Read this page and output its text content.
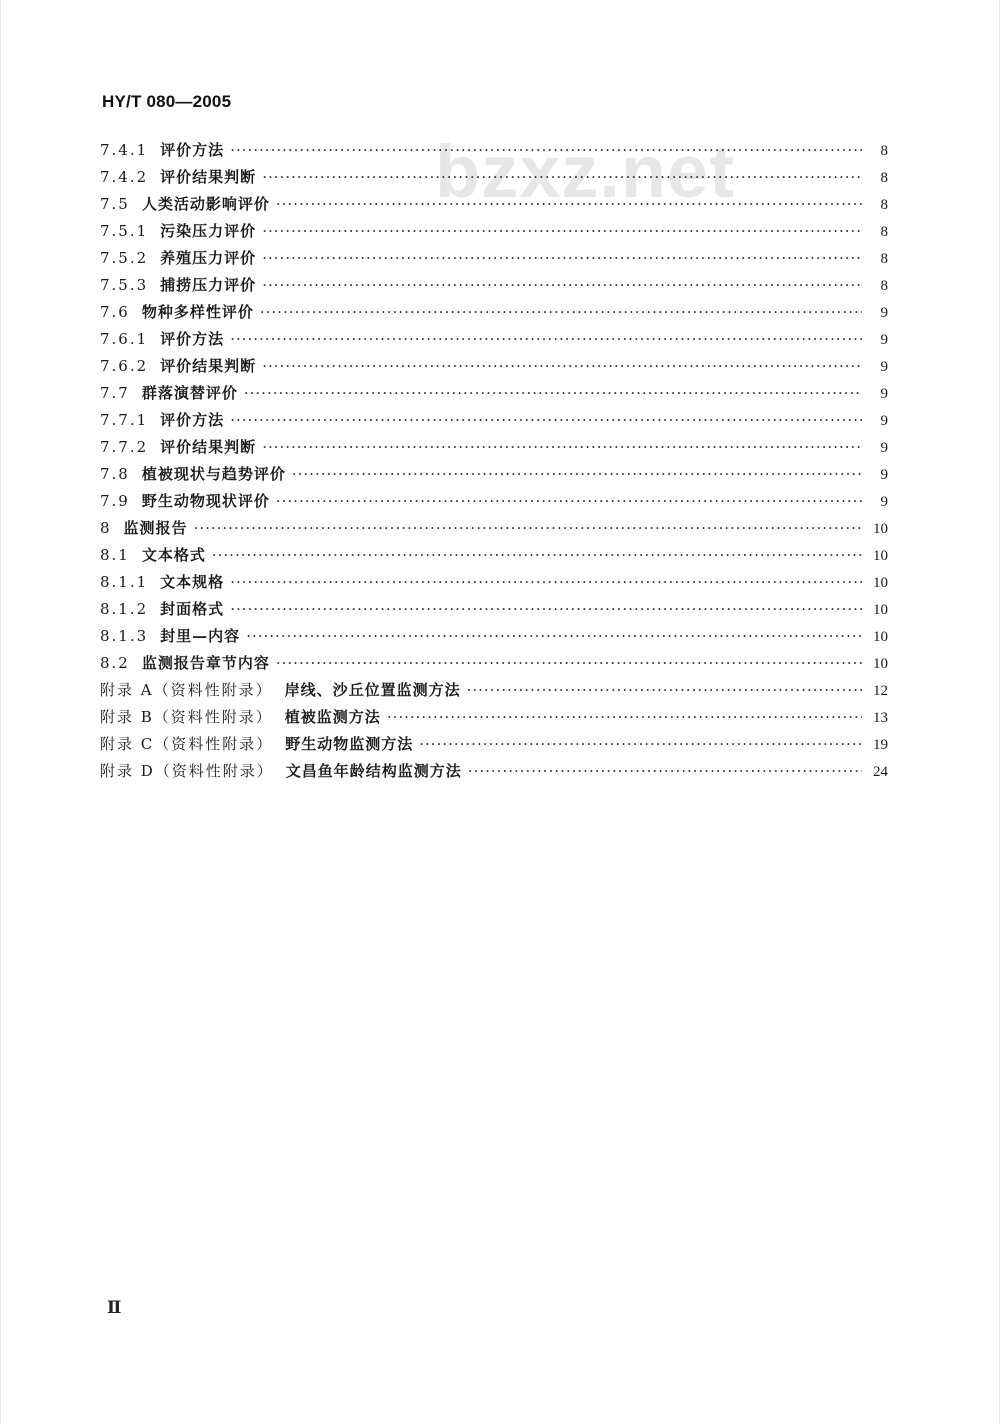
HY/T 080—2005
bzxz.net
7.4.1 评价方法 ·····	8
7.4.2 评价结果判断 ·····	8
7.5 人类活动影响评价 ·····	8
7.5.1 污染压力评价 ·····	8
7.5.2 养殖压力评价 ·····	8
7.5.3 捕捞压力评价 ·····	8
7.6 物种多样性评价 ·····	9
7.6.1 评价方法 ·····	9
7.6.2 评价结果判断 ·····	9
7.7 群落演替评价 ·····	9
7.7.1 评价方法 ·····	9
7.7.2 评价结果判断 ·····	9
7.8 植被现状与趋势评价 ·····	9
7.9 野生动物现状评价 ·····	9
8 监测报告 ·····	10
8.1 文本格式 ·····	10
8.1.1 文本规格 ·····	10
8.1.2 封面格式 ·····	10
8.1.3 封里—内容 ·····	10
8.2 监测报告章节内容 ·····	10
附录 A（资料性附录） 岸线、沙丘位置监测方法 ·····	12
附录 B（资料性附录） 植被监测方法 ·····	13
附录 C（资料性附录） 野生动物监测方法 ·····	19
附录 D（资料性附录） 文昌鱼年龄结构监测方法 ·····	24
Ⅱ
